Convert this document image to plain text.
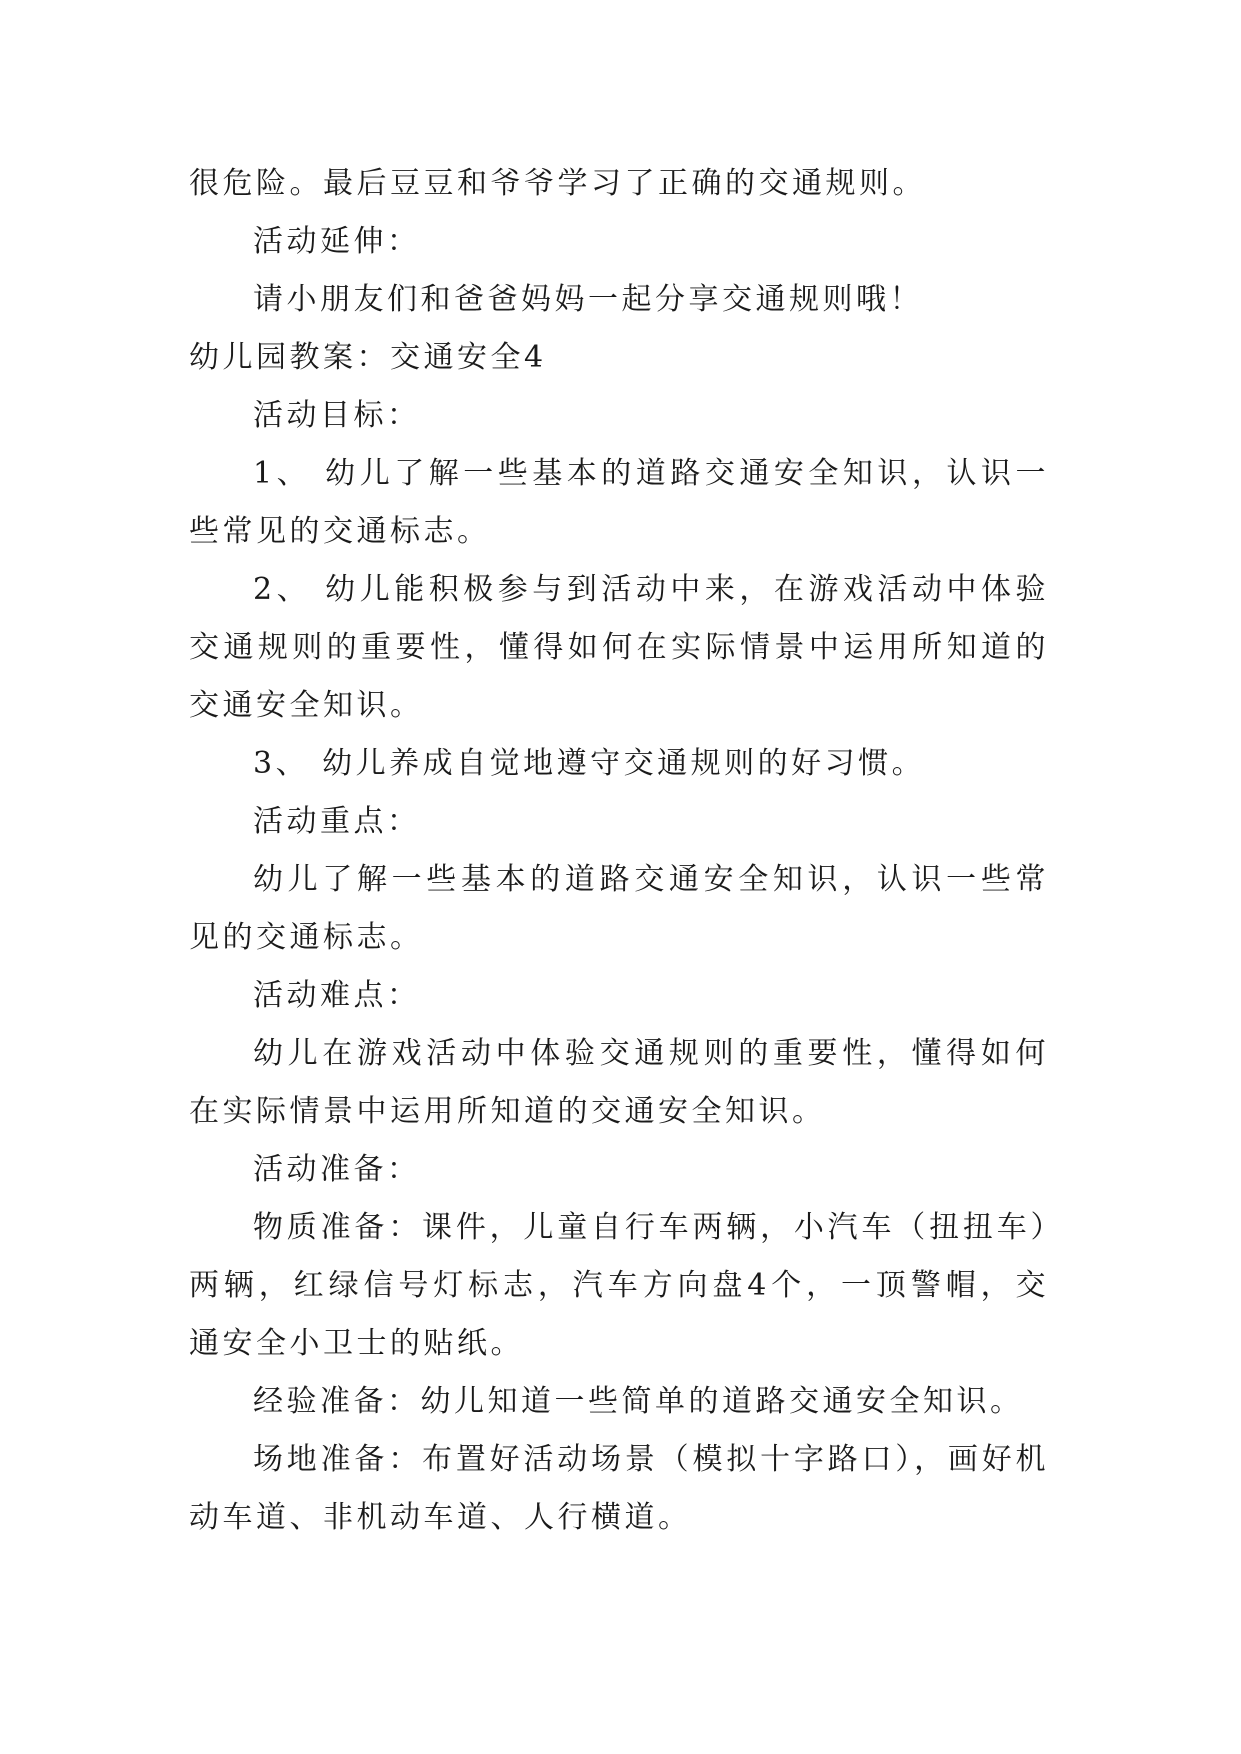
很危险。最后豆豆和爷爷学习了正确的交通规则。

活动延伸：

请小朋友们和爸爸妈妈一起分享交通规则哦！

幼儿园教案：交通安全4

活动目标：

1、 幼儿了解一些基本的道路交通安全知识，认识一些常见的交通标志。

2、 幼儿能积极参与到活动中来，在游戏活动中体验交通规则的重要性，懂得如何在实际情景中运用所知道的交通安全知识。

3、 幼儿养成自觉地遵守交通规则的好习惯。

活动重点：

幼儿了解一些基本的道路交通安全知识，认识一些常见的交通标志。

活动难点：

幼儿在游戏活动中体验交通规则的重要性，懂得如何在实际情景中运用所知道的交通安全知识。

活动准备：

物质准备：课件，儿童自行车两辆，小汽车（扭扭车）两辆，红绿信号灯标志，汽车方向盘4个，一顶警帽，交通安全小卫士的贴纸。

经验准备：幼儿知道一些简单的道路交通安全知识。

场地准备：布置好活动场景（模拟十字路口），画好机动车道、非机动车道、人行横道。
